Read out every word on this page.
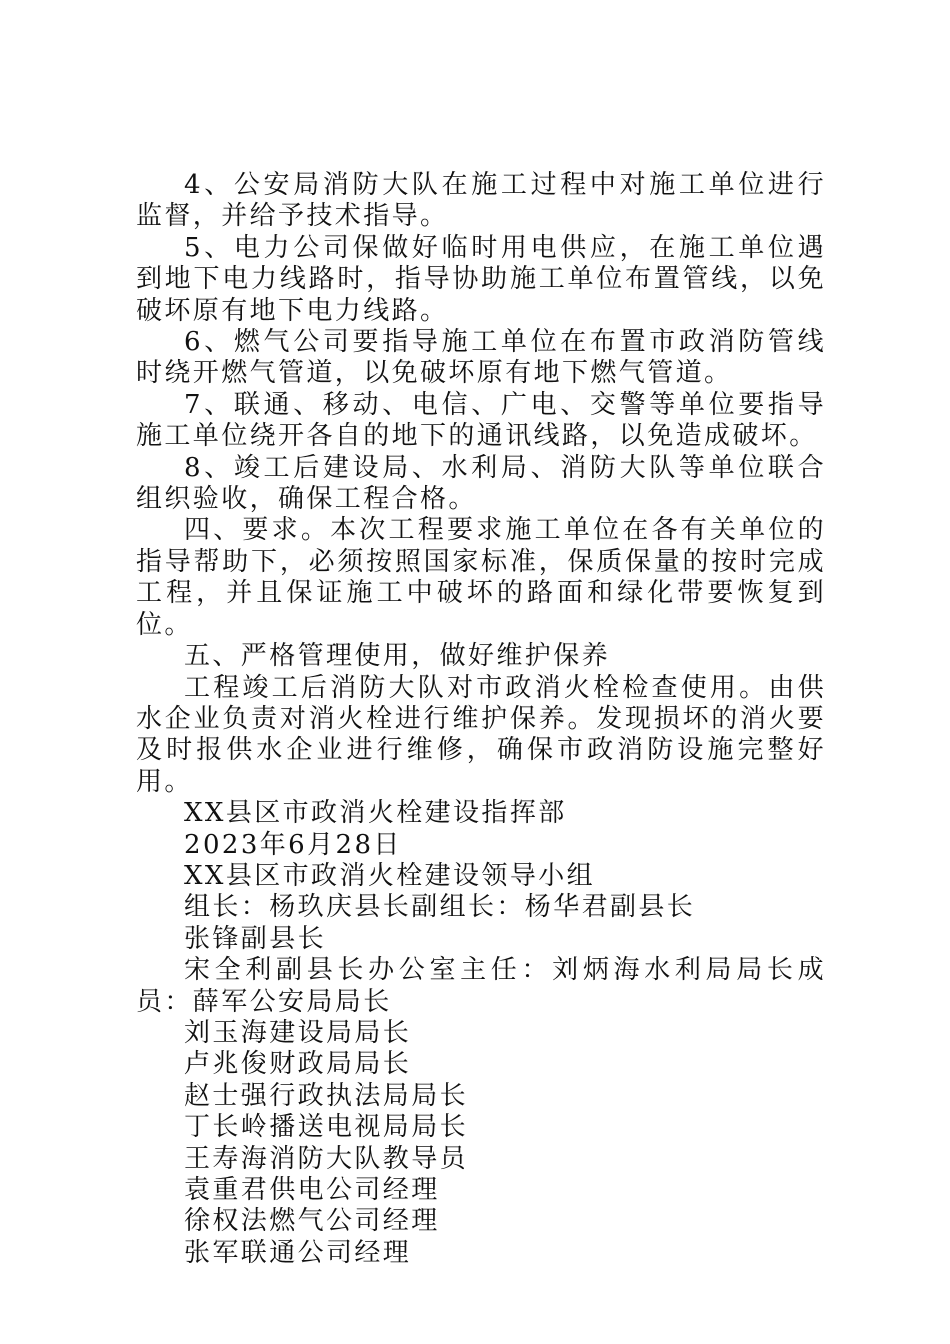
4、公安局消防大队在施工过程中对施工单位进行监督，并给予技术指导。

5、电力公司保做好临时用电供应，在施工单位遇到地下电力线路时，指导协助施工单位布置管线，以免破坏原有地下电力线路。

6、燃气公司要指导施工单位在布置市政消防管线时绕开燃气管道，以免破坏原有地下燃气管道。

7、联通、移动、电信、广电、交警等单位要指导施工单位绕开各自的地下的通讯线路，以免造成破坏。

8、竣工后建设局、水利局、消防大队等单位联合组织验收，确保工程合格。

四、要求。本次工程要求施工单位在各有关单位的指导帮助下，必须按照国家标准，保质保量的按时完成工程，并且保证施工中破坏的路面和绿化带要恢复到位。

五、严格管理使用，做好维护保养

工程竣工后消防大队对市政消火栓检查使用。由供水企业负责对消火栓进行维护保养。发现损坏的消火要及时报供水企业进行维修，确保市政消防设施完整好用。

XX县区市政消火栓建设指挥部

2023年6月28日

XX县区市政消火栓建设领导小组

组长：杨玖庆县长副组长：杨华君副县长

张锋副县长

宋全利副县长办公室主任：刘炳海水利局局长成员：薛军公安局局长

刘玉海建设局局长

卢兆俊财政局局长

赵士强行政执法局局长

丁长岭播送电视局局长

王寿海消防大队教导员

袁重君供电公司经理

徐权法燃气公司经理

张军联通公司经理
